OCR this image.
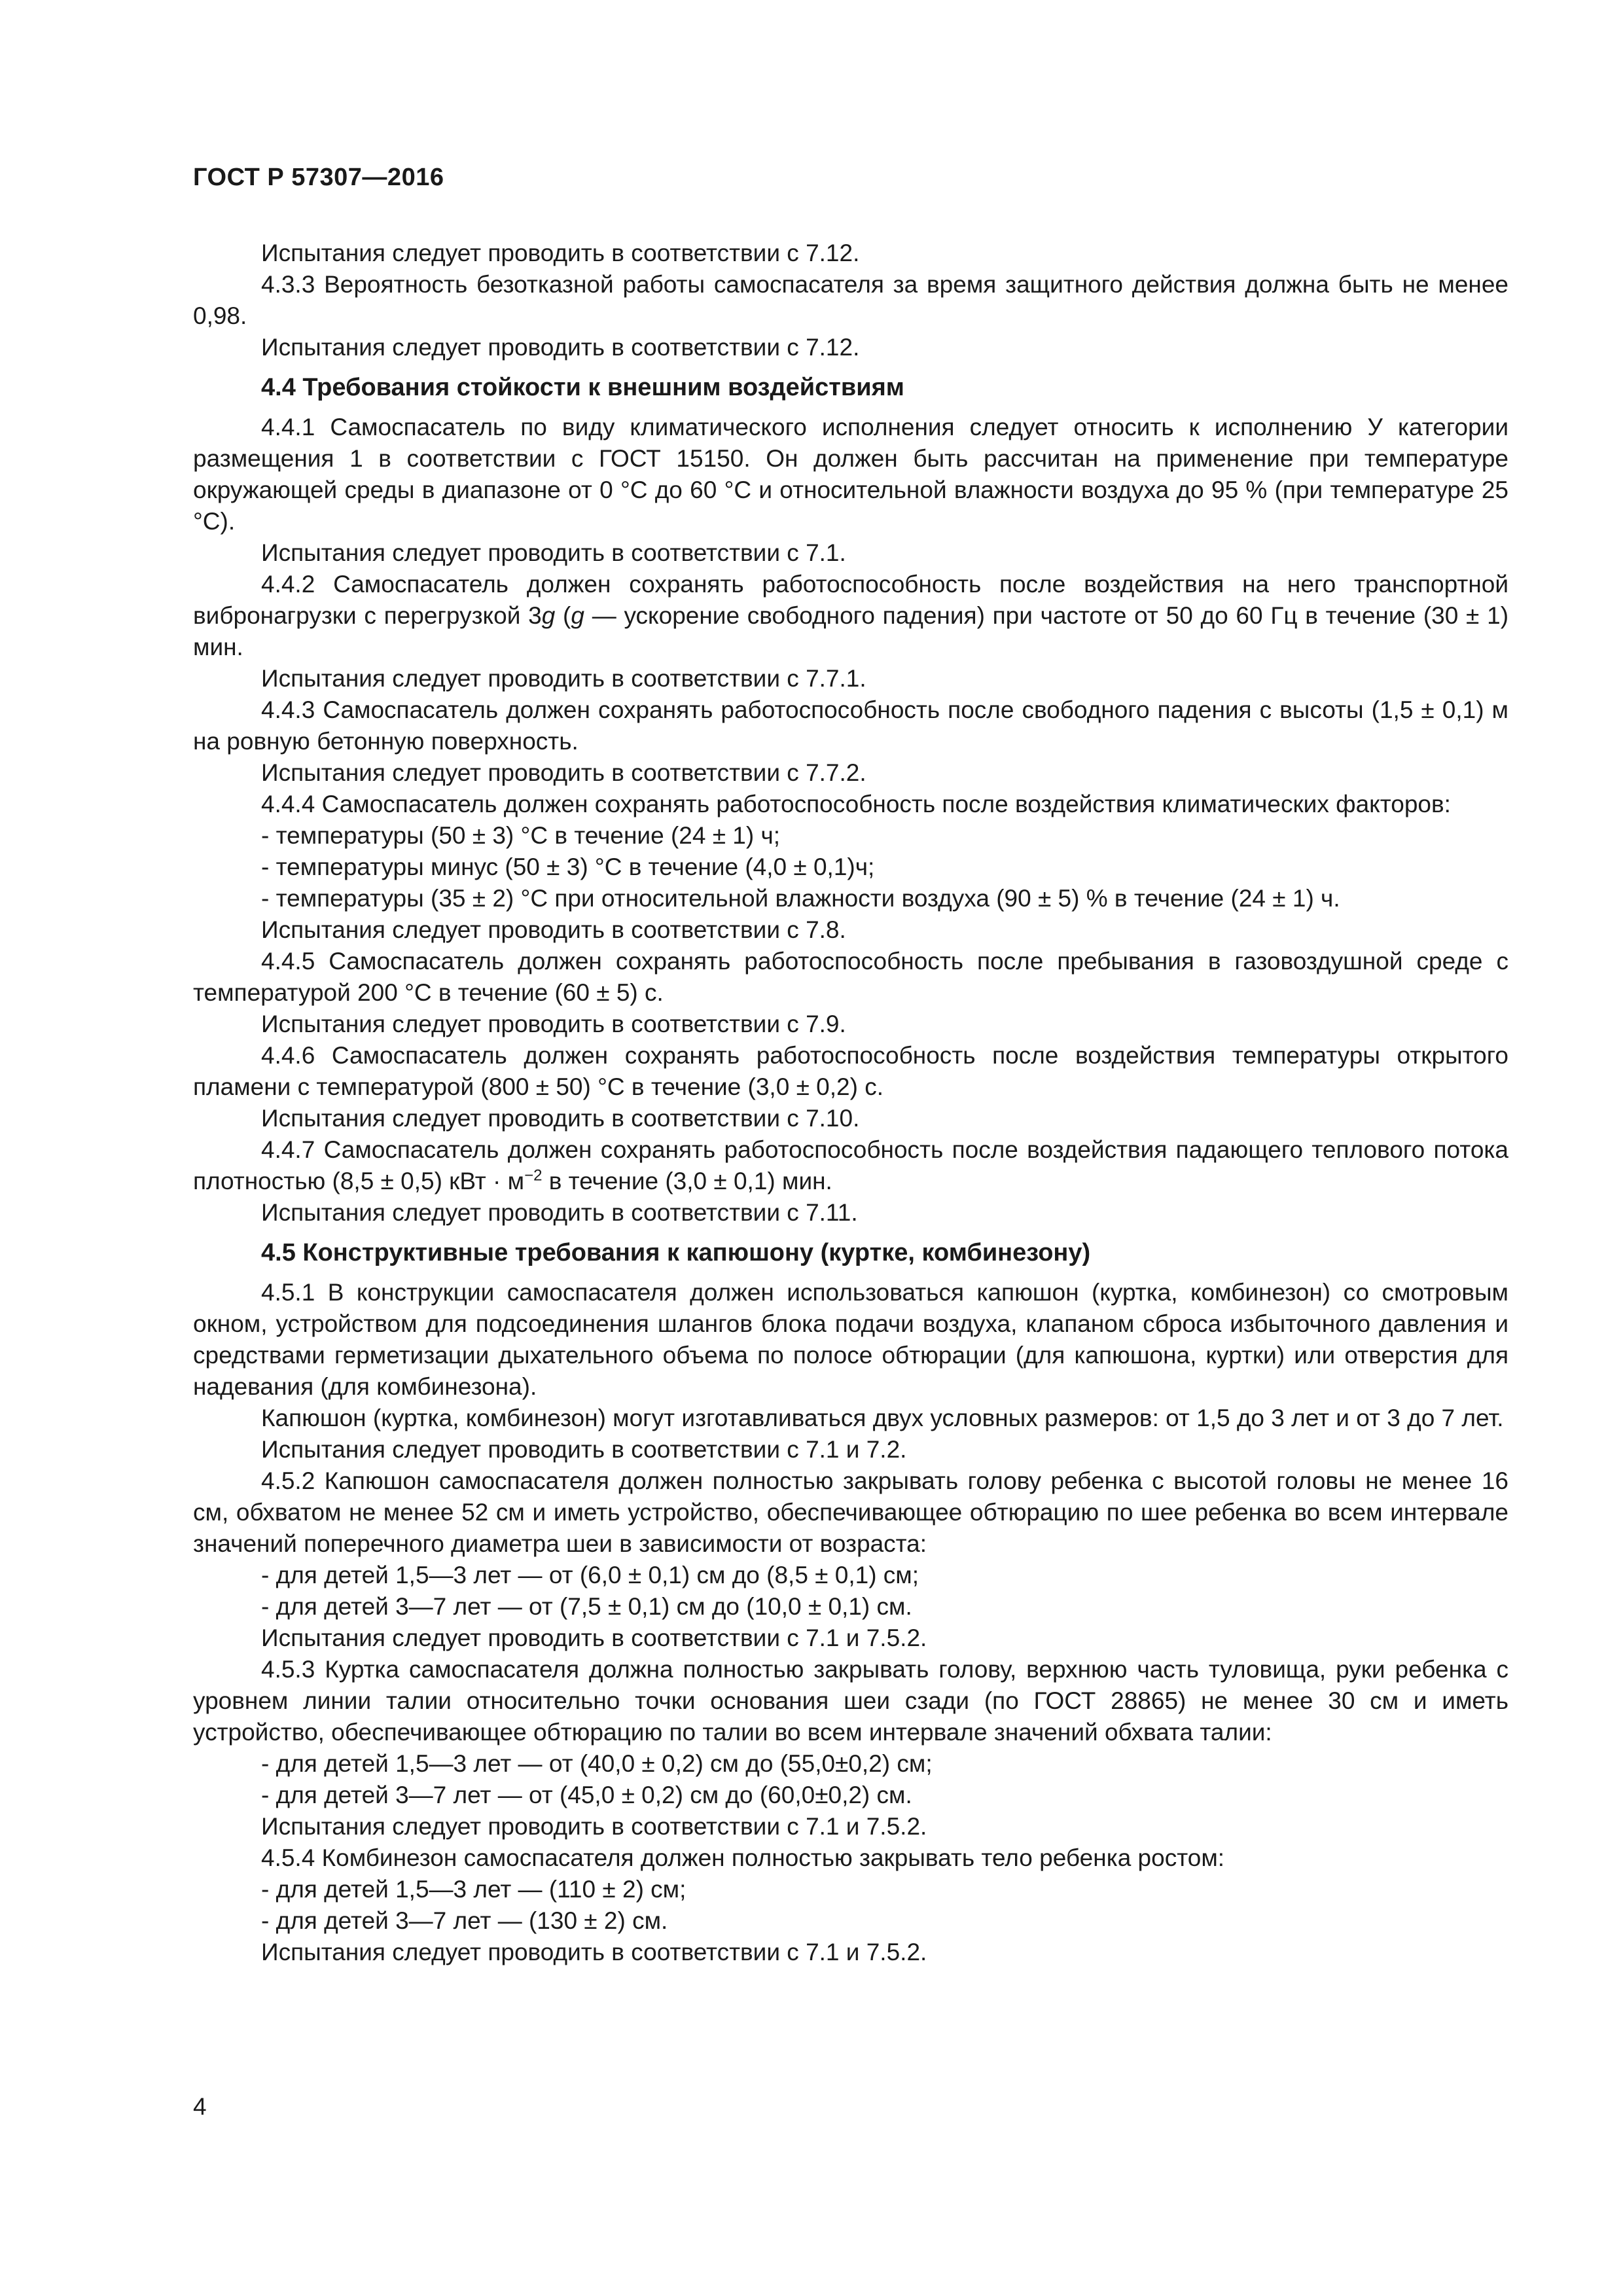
ГОСТ Р 57307—2016

Испытания следует проводить в соответствии с 7.12.

4.3.3 Вероятность безотказной работы самоспасателя за время защитного действия должна быть не менее 0,98.

Испытания следует проводить в соответствии с 7.12.

4.4 Требования стойкости к внешним воздействиям

4.4.1 Самоспасатель по виду климатического исполнения следует относить к исполнению У категории размещения 1 в соответствии с ГОСТ 15150. Он должен быть рассчитан на применение при температуре окружающей среды в диапазоне от 0 °С до 60 °С и относительной влажности воздуха до 95 % (при температуре 25 °С).

Испытания следует проводить в соответствии с 7.1.

4.4.2 Самоспасатель должен сохранять работоспособность после воздействия на него транспортной вибронагрузки с перегрузкой 3g (g — ускорение свободного падения) при частоте от 50 до 60 Гц в течение (30 ± 1) мин.

Испытания следует проводить в соответствии с 7.7.1.

4.4.3 Самоспасатель должен сохранять работоспособность после свободного падения с высоты (1,5 ± 0,1) м на ровную бетонную поверхность.

Испытания следует проводить в соответствии с 7.7.2.

4.4.4 Самоспасатель должен сохранять работоспособность после воздействия климатических факторов:

- температуры (50 ± 3) °С в течение (24 ± 1) ч;

- температуры минус (50 ± 3) °С в течение (4,0 ± 0,1)ч;

- температуры (35 ± 2) °С при относительной влажности воздуха (90 ± 5) % в течение (24 ± 1) ч.

Испытания следует проводить в соответствии с 7.8.

4.4.5 Самоспасатель должен сохранять работоспособность после пребывания в газовоздушной среде с температурой 200 °С в течение (60 ± 5) с.

Испытания следует проводить в соответствии с 7.9.

4.4.6 Самоспасатель должен сохранять работоспособность после воздействия температуры открытого пламени с температурой (800 ± 50) °С в течение (3,0 ± 0,2) с.

Испытания следует проводить в соответствии с 7.10.

4.4.7 Самоспасатель должен сохранять работоспособность после воздействия падающего теплового потока плотностью (8,5 ± 0,5) кВт · $м^{-2}$ в течение (3,0 ± 0,1) мин.

Испытания следует проводить в соответствии с 7.11.

4.5 Конструктивные требования к капюшону (куртке, комбинезону)

4.5.1 В конструкции самоспасателя должен использоваться капюшон (куртка, комбинезон) со смотровым окном, устройством для подсоединения шлангов блока подачи воздуха, клапаном сброса избыточного давления и средствами герметизации дыхательного объема по полосе обтюрации (для капюшона, куртки) или отверстия для надевания (для комбинезона).

Капюшон (куртка, комбинезон) могут изготавливаться двух условных размеров: от 1,5 до 3 лет и от 3 до 7 лет.

Испытания следует проводить в соответствии с 7.1 и 7.2.

4.5.2 Капюшон самоспасателя должен полностью закрывать голову ребенка с высотой головы не менее 16 см, обхватом не менее 52 см и иметь устройство, обеспечивающее обтюрацию по шее ребенка во всем интервале значений поперечного диаметра шеи в зависимости от возраста:

- для детей 1,5—3 лет — от (6,0 ± 0,1) см до (8,5 ± 0,1) см;

- для детей 3—7 лет — от (7,5 ± 0,1) см до (10,0 ± 0,1) см.

Испытания следует проводить в соответствии с 7.1 и 7.5.2.

4.5.3 Куртка самоспасателя должна полностью закрывать голову, верхнюю часть туловища, руки ребенка с уровнем линии талии относительно точки основания шеи сзади (по ГОСТ 28865) не менее 30 см и иметь устройство, обеспечивающее обтюрацию по талии во всем интервале значений обхвата талии:

- для детей 1,5—3 лет — от (40,0 ± 0,2) см до (55,0±0,2) см;

- для детей 3—7 лет — от (45,0 ± 0,2) см до (60,0±0,2) см.

Испытания следует проводить в соответствии с 7.1 и 7.5.2.

4.5.4 Комбинезон самоспасателя должен полностью закрывать тело ребенка ростом:

- для детей 1,5—3 лет — (110 ± 2) см;

- для детей 3—7 лет — (130 ± 2) см.

Испытания следует проводить в соответствии с 7.1 и 7.5.2.

4
